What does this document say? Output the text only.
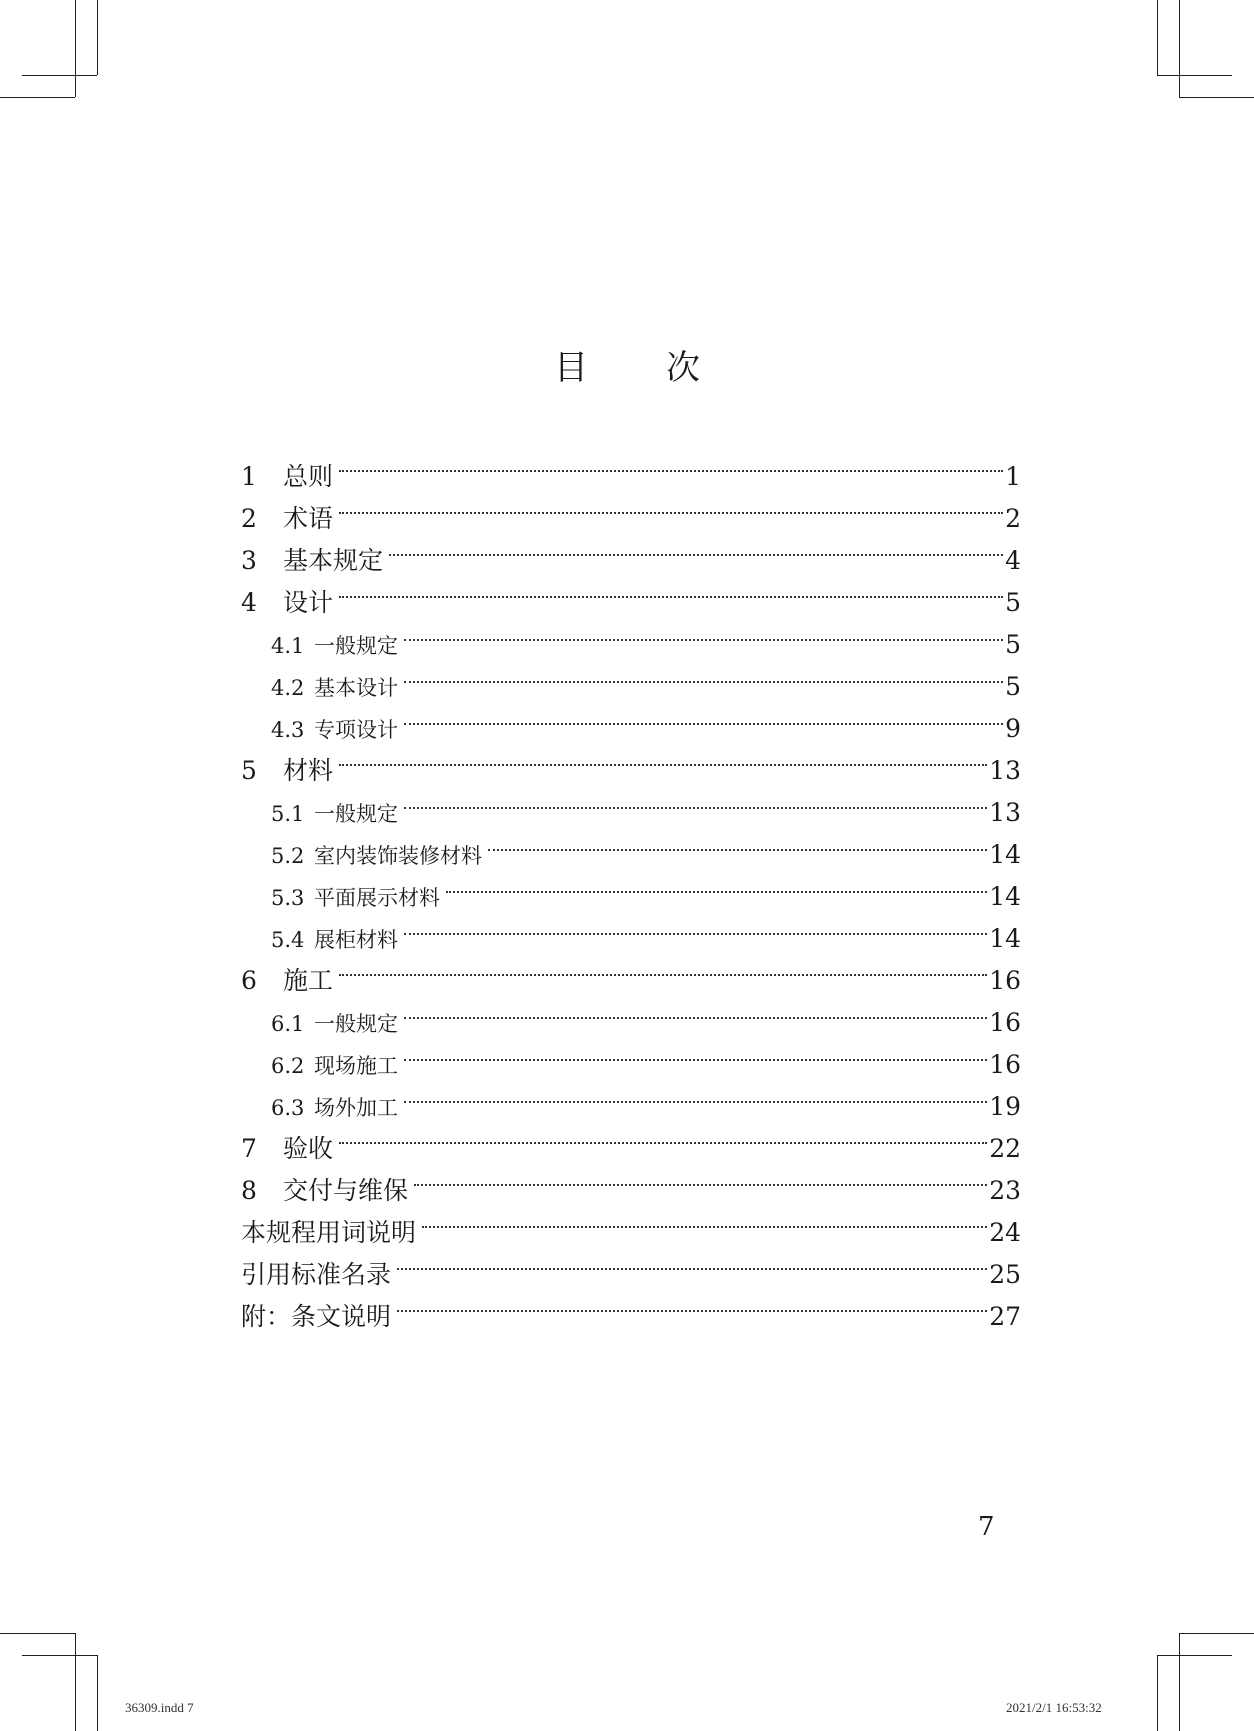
目 次
1	总则	1
2	术语	2
3	基本规定	4
4	设计	5
4.1 一般规定	5
4.2 基本设计	5
4.3 专项设计	9
5	材料	13
5.1 一般规定	13
5.2 室内装饰装修材料	14
5.3 平面展示材料	14
5.4 展柜材料	14
6	施工	16
6.1 一般规定	16
6.2 现场施工	16
6.3 场外加工	19
7	验收	22
8	交付与维保	23
本规程用词说明	24
引用标准名录	25
附：条文说明	27
7
36309.indd 7	2021/2/1 16:53:32
